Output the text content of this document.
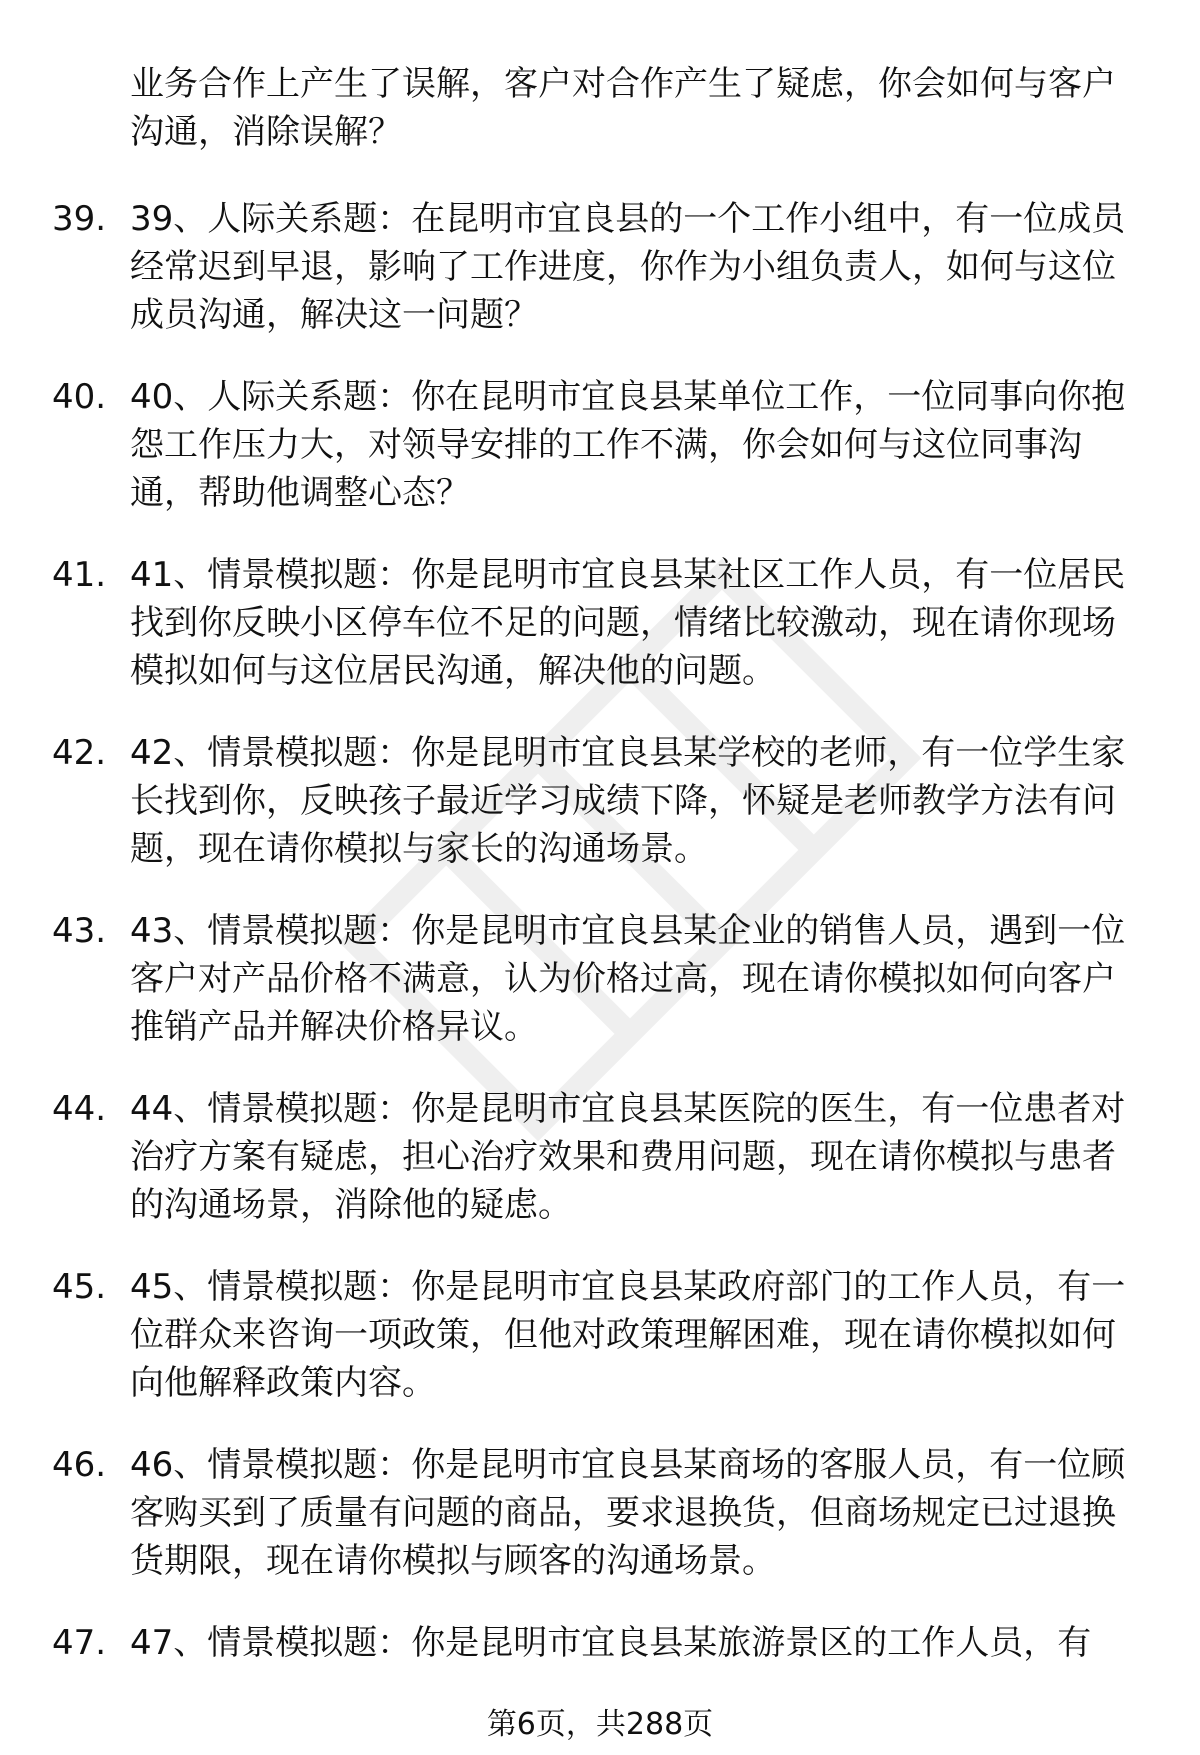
业务合作上产生了误解，客户对合作产生了疑虑，你会如何与客户沟通，消除误解？
39. 39、人际关系题：在昆明市宜良县的一个工作小组中，有一位成员经常迟到早退，影响了工作进度，你作为小组负责人，如何与这位成员沟通，解决这一问题？
40. 40、人际关系题：你在昆明市宜良县某单位工作，一位同事向你抱怨工作压力大，对领导安排的工作不满，你会如何与这位同事沟通，帮助他调整心态？
41. 41、情景模拟题：你是昆明市宜良县某社区工作人员，有一位居民找到你反映小区停车位不足的问题，情绪比较激动，现在请你现场模拟如何与这位居民沟通，解决他的问题。
42. 42、情景模拟题：你是昆明市宜良县某学校的老师，有一位学生家长找到你，反映孩子最近学习成绩下降，怀疑是老师教学方法有问题，现在请你模拟与家长的沟通场景。
43. 43、情景模拟题：你是昆明市宜良县某企业的销售人员，遇到一位客户对产品价格不满意，认为价格过高，现在请你模拟如何向客户推销产品并解决价格异议。
44. 44、情景模拟题：你是昆明市宜良县某医院的医生，有一位患者对治疗方案有疑虑，担心治疗效果和费用问题，现在请你模拟与患者的沟通场景，消除他的疑虑。
45. 45、情景模拟题：你是昆明市宜良县某政府部门的工作人员，有一位群众来咨询一项政策，但他对政策理解困难，现在请你模拟如何向他解释政策内容。
46. 46、情景模拟题：你是昆明市宜良县某商场的客服人员，有一位顾客购买到了质量有问题的商品，要求退换货，但商场规定已过退换货期限，现在请你模拟与顾客的沟通场景。
47. 47、情景模拟题：你是昆明市宜良县某旅游景区的工作人员，有
第6页，共288页
